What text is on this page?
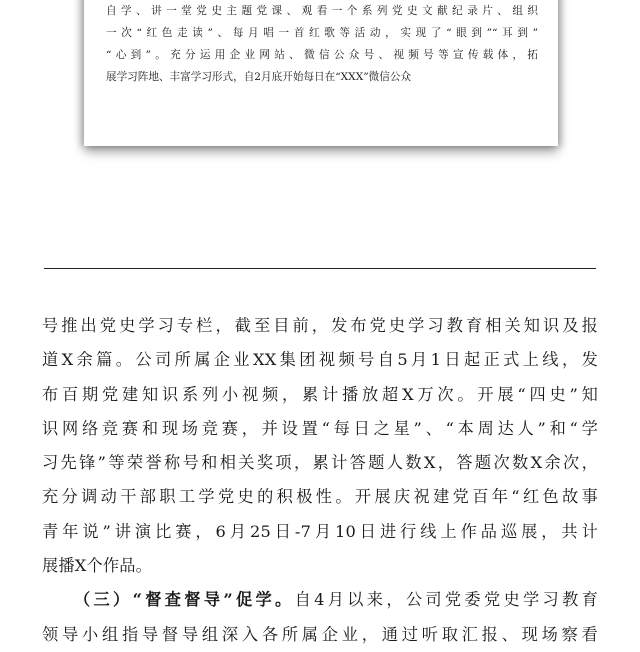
自学、讲一堂党史主题党课、观看一个系列党史文献纪录片、组织
一次“红色走读”、每月唱一首红歌等活动，实现了“眼到”“耳到”
“心到”。充分运用企业网站、微信公众号、视频号等宣传载体，拓
展学习阵地、丰富学习形式，自2月底开始每日在“XXX”微信公众
号推出党史学习专栏，截至目前，发布党史学习教育相关知识及报
道X余篇。公司所属企业XX集团视频号自5月1日起正式上线，发
布百期党建知识系列小视频，累计播放超X万次。开展“四史”知
识网络竞赛和现场竞赛，并设置“每日之星”、“本周达人”和“学
习先锋”等荣誉称号和相关奖项，累计答题人数X，答题次数X余次，
充分调动干部职工学党史的积极性。开展庆祝建党百年“红色故事
青年说”讲演比赛，6月25日-7月10日进行线上作品巡展，共计
展播X个作品。
（三）“督查督导”促学。自4月以来，公司党委党史学习教育
领导小组指导督导组深入各所属企业，通过听取汇报、现场察看
